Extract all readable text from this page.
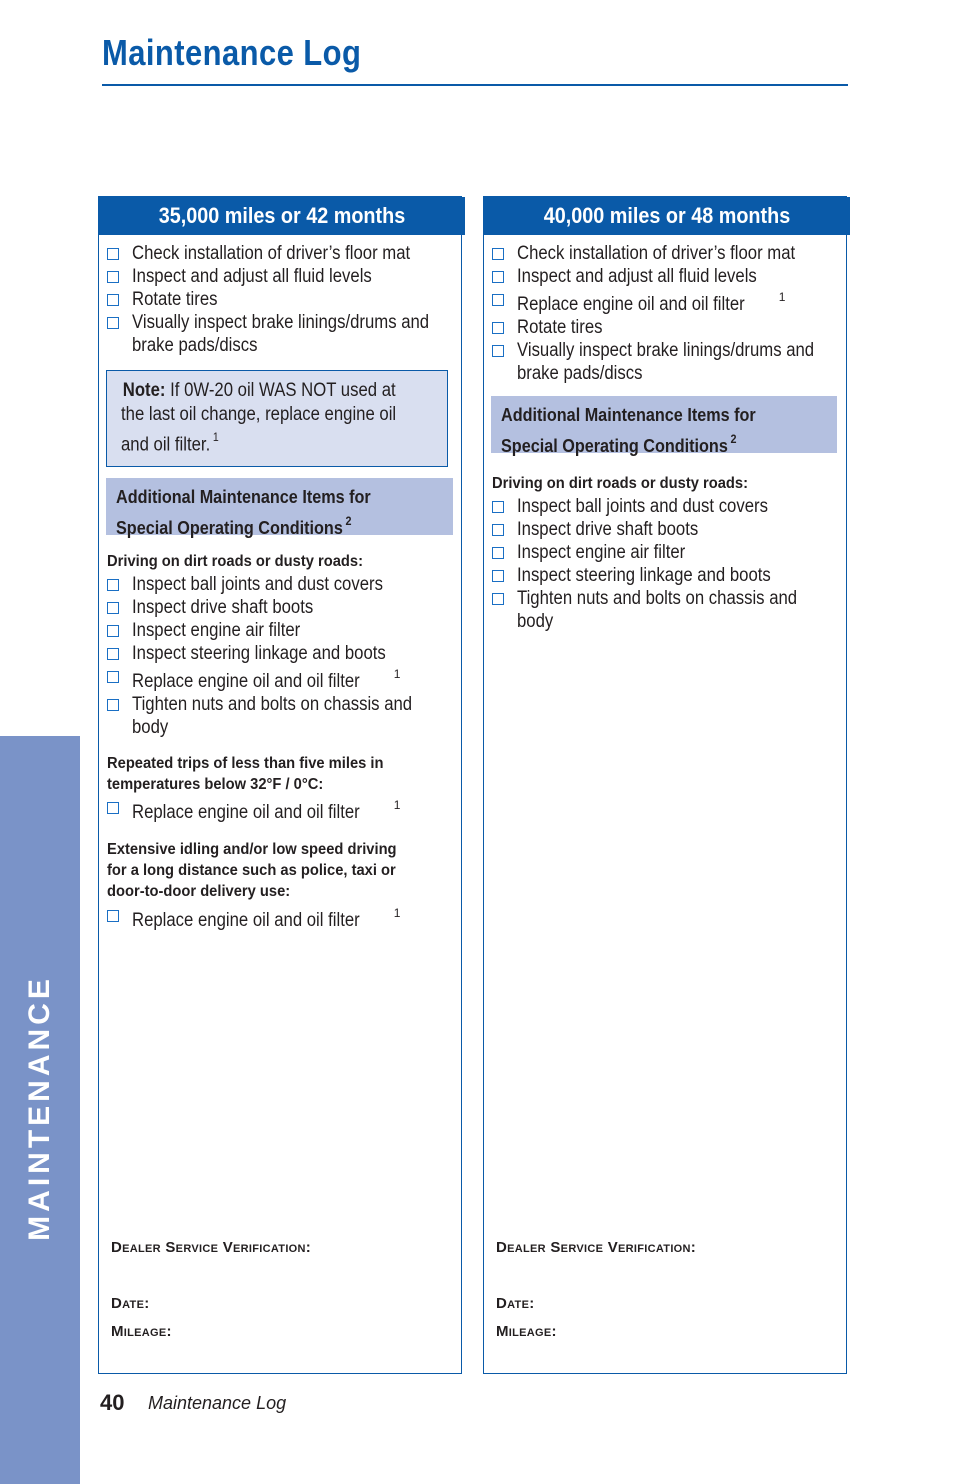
Maintenance Log
MAINTENANCE
35,000 miles or 42 months
Check installation of driver’s floor mat
Inspect and adjust all fluid levels
Rotate tires
Visually inspect brake linings/drums and
brake pads/discs
Note: If 0W-20 oil WAS NOT used at
the last oil change, replace engine oil
and oil filter. $^1$
Additional Maintenance Items for
Special Operating Conditions $^2$
Driving on dirt roads or dusty roads:
Inspect ball joints and dust covers
Inspect drive shaft boots
Inspect engine air filter
Inspect steering linkage and boots
Replace engine oil and oil filter	$^1$
Tighten nuts and bolts on chassis and
body
Repeated trips of less than five miles in
temperatures below 32°F / 0°C:
Replace engine oil and oil filter	$^1$
Extensive idling and/or low speed driving
for a long distance such as police, taxi or
door-to-door delivery use:
Replace engine oil and oil filter	$^1$
Dealer Service Verification:
Date:
Mileage:
40,000 miles or 48 months
Check installation of driver’s floor mat
Inspect and adjust all fluid levels
Replace engine oil and oil filter	$^1$
Rotate tires
Visually inspect brake linings/drums and
brake pads/discs
Additional Maintenance Items for
Special Operating Conditions $^2$
Driving on dirt roads or dusty roads:
Inspect ball joints and dust covers
Inspect drive shaft boots
Inspect engine air filter
Inspect steering linkage and boots
Tighten nuts and bolts on chassis and
body
Dealer Service Verification:
Date:
Mileage:
40 Maintenance Log
